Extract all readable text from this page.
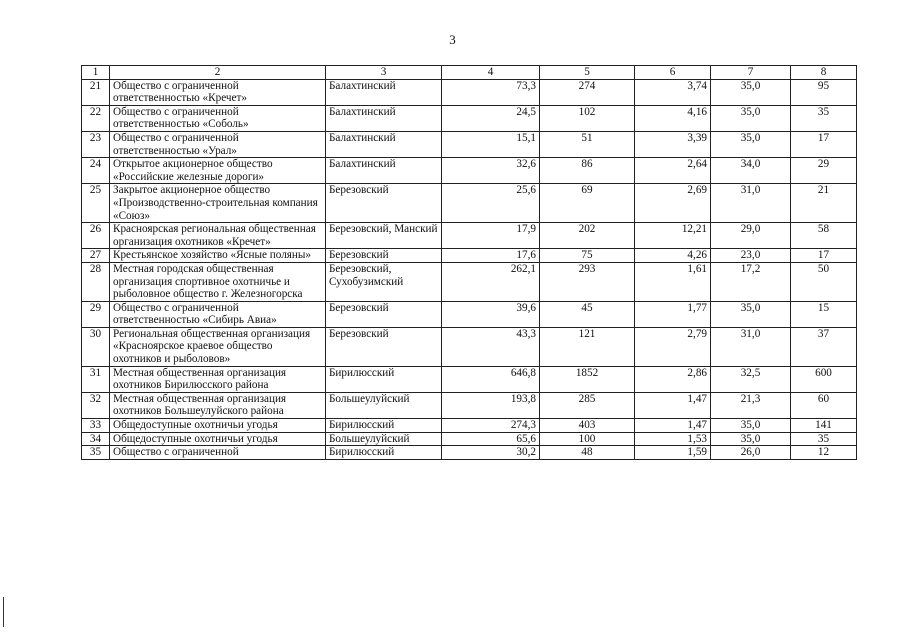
3
1	2	3	4	5	6	7	8
21	Общество с ограниченной ответственностью «Кречет»	Балахтинский	73,3	274	3,74	35,0	95
22	Общество с ограниченной ответственностью «Соболь»	Балахтинский	24,5	102	4,16	35,0	35
23	Общество с ограниченной ответственностью «Урал»	Балахтинский	15,1	51	3,39	35,0	17
24	Открытое акционерное общество «Российские железные дороги»	Балахтинский	32,6	86	2,64	34,0	29
25	Закрытое акционерное общество «Производственно-строительная компания «Союз»	Березовский	25,6	69	2,69	31,0	21
26	Красноярская региональная общественная организация охотников «Кречет»	Березовский, Манский	17,9	202	12,21	29,0	58
27	Крестьянское хозяйство «Ясные поляны»	Березовский	17,6	75	4,26	23,0	17
28	Местная городская общественная организация спортивное охотничье и рыболовное общество г. Железногорска	Березовский, Сухобузимский	262,1	293	1,61	17,2	50
29	Общество с ограниченной ответственностью «Сибирь Авиа»	Березовский	39,6	45	1,77	35,0	15
30	Региональная общественная организация «Красноярское краевое общество охотников и рыболовов»	Березовский	43,3	121	2,79	31,0	37
31	Местная общественная организация охотников Бирилюсского района	Бирилюсский	646,8	1852	2,86	32,5	600
32	Местная общественная организация охотников Большеулуйского района	Большеулуйский	193,8	285	1,47	21,3	60
33	Общедоступные охотничьи угодья	Бирилюсский	274,3	403	1,47	35,0	141
34	Общедоступные охотничьи угодья	Большеулуйский	65,6	100	1,53	35,0	35
35	Общество с ограниченной	Бирилюсский	30,2	48	1,59	26,0	12
